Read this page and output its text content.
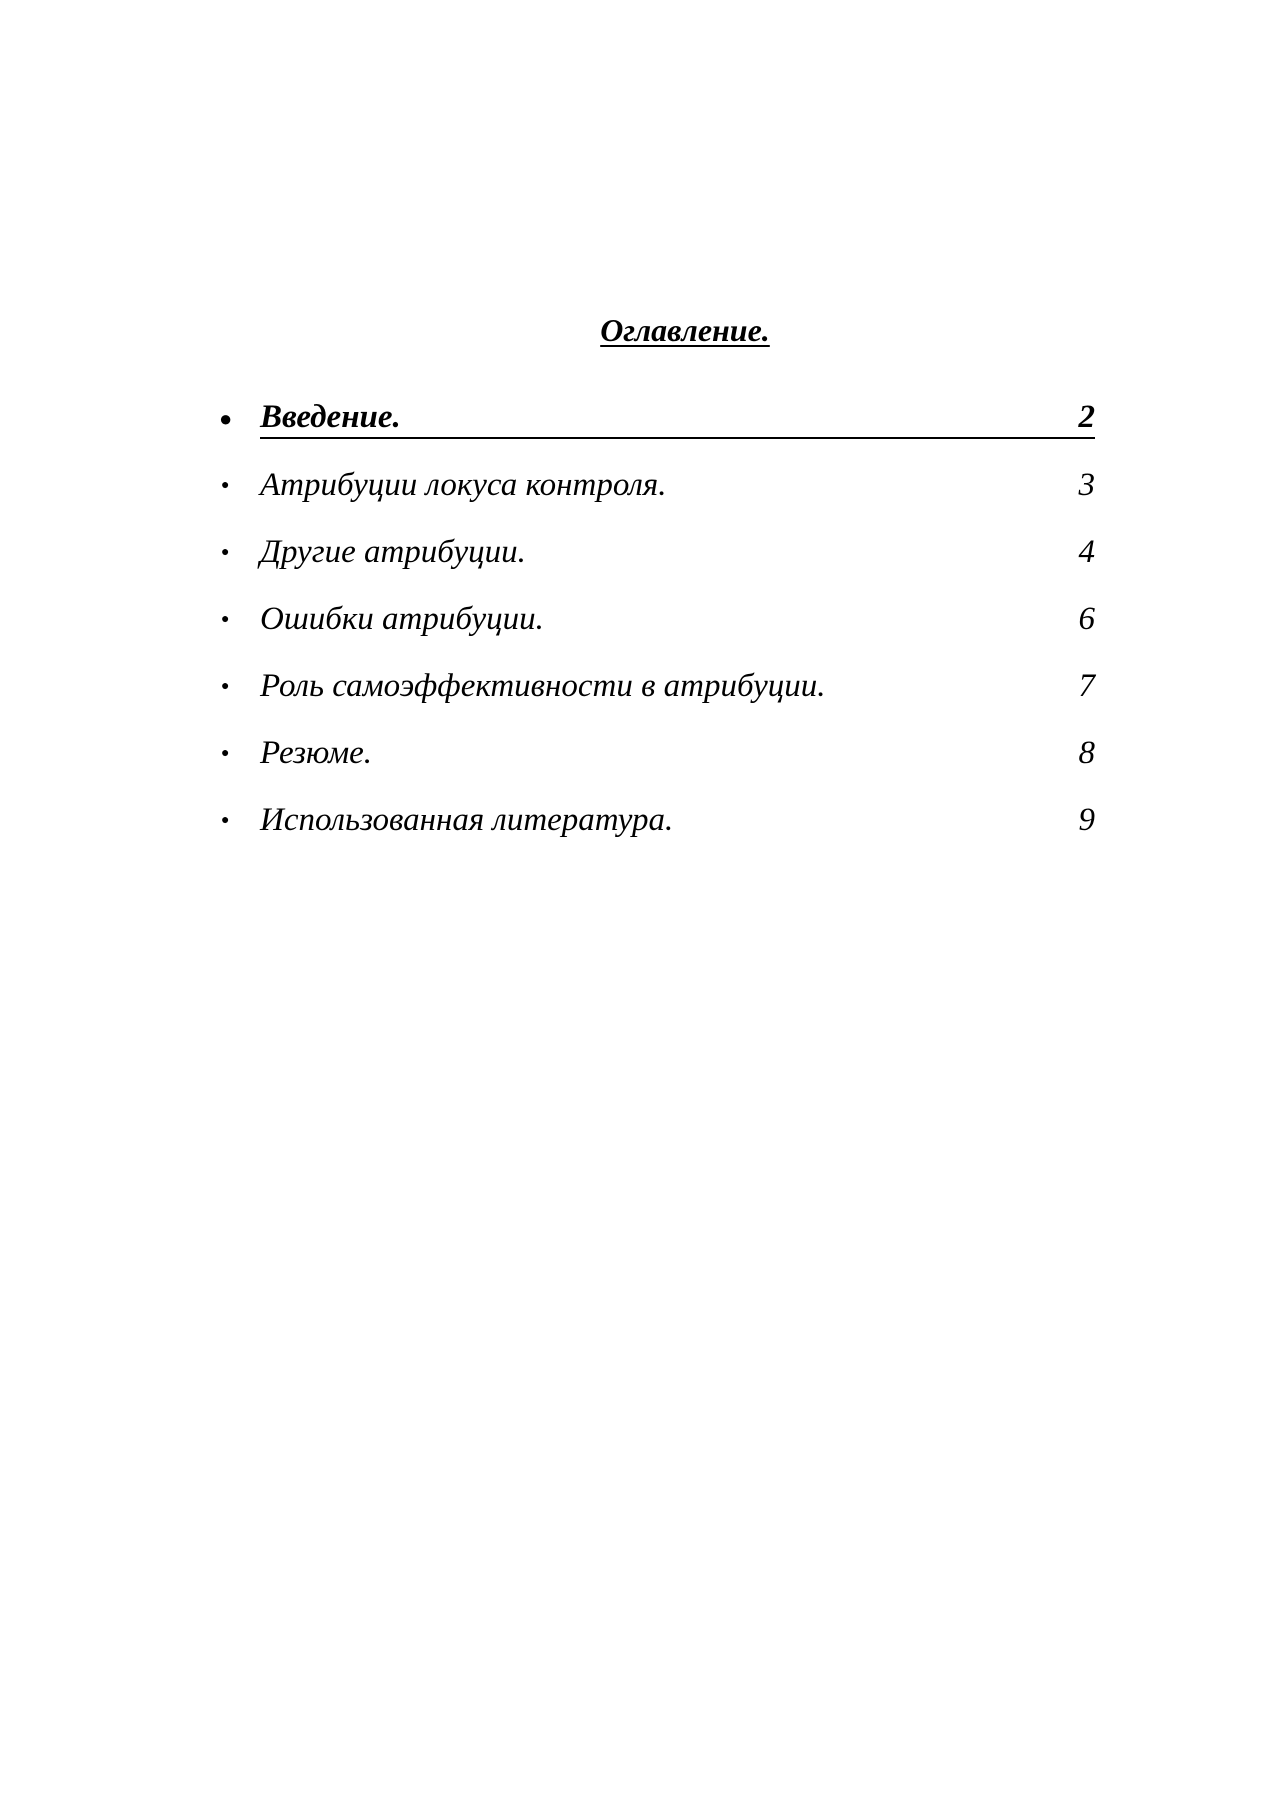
Оглавление.
● Введение.	2
● Атрибуции локуса контроля.	3
● Другие атрибуции.	4
● Ошибки атрибуции.	6
● Роль самоэффективности в атрибуции.	7
● Резюме.	8
● Использованная литература.	9
